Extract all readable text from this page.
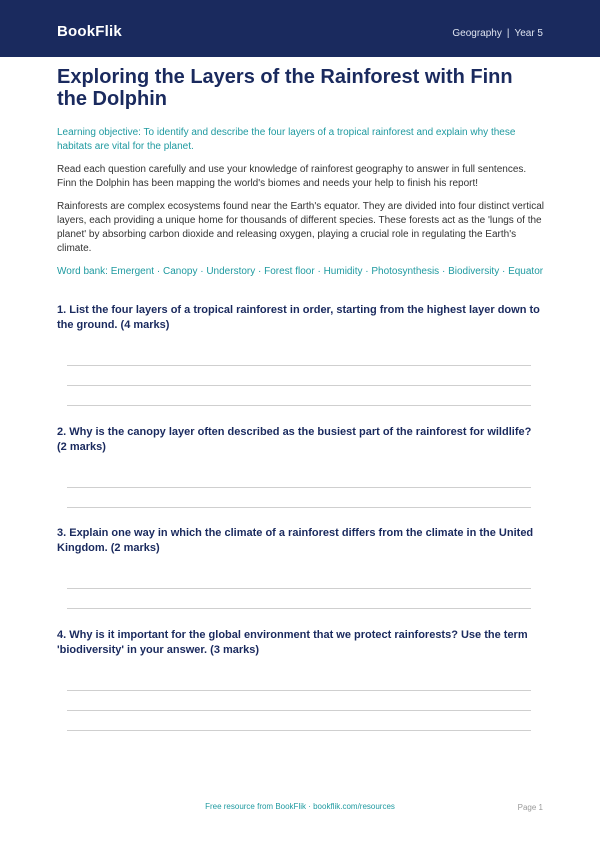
BookFlik	Geography | Year 5
Exploring the Layers of the Rainforest with Finn the Dolphin
Learning objective: To identify and describe the four layers of a tropical rainforest and explain why these habitats are vital for the planet.
Read each question carefully and use your knowledge of rainforest geography to answer in full sentences. Finn the Dolphin has been mapping the world's biomes and needs your help to finish his report!
Rainforests are complex ecosystems found near the Earth's equator. They are divided into four distinct vertical layers, each providing a unique home for thousands of different species. These forests act as the 'lungs of the planet' by absorbing carbon dioxide and releasing oxygen, playing a crucial role in regulating the Earth's climate.
Word bank: Emergent · Canopy · Understory · Forest floor · Humidity · Photosynthesis · Biodiversity · Equator
1. List the four layers of a tropical rainforest in order, starting from the highest layer down to the ground. (4 marks)
2. Why is the canopy layer often described as the busiest part of the rainforest for wildlife? (2 marks)
3. Explain one way in which the climate of a rainforest differs from the climate in the United Kingdom. (2 marks)
4. Why is it important for the global environment that we protect rainforests? Use the term 'biodiversity' in your answer. (3 marks)
Free resource from BookFlik · bookflik.com/resources	Page 1
